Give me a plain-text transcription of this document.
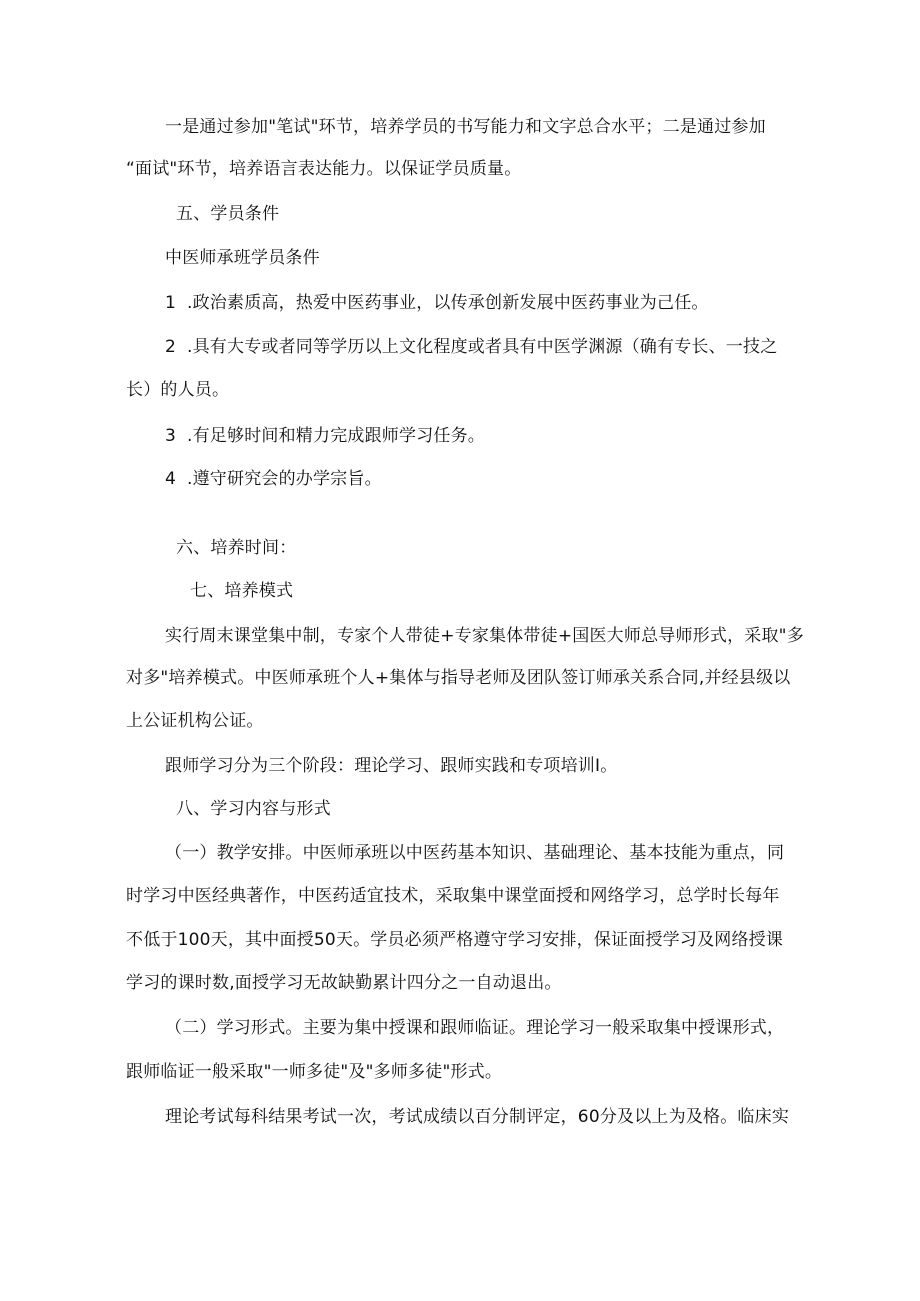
一是通过参加"笔试"环节，培养学员的书写能力和文字总合水平；二是通过参加

“面试"环节，培养语言表达能力。以保证学员质量。

五、学员条件

中医师承班学员条件

1 .政治素质高，热爱中医药事业，以传承创新发展中医药事业为己任。

2 .具有大专或者同等学历以上文化程度或者具有中医学渊源（确有专长、一技之

长）的人员。

3 .有足够时间和精力完成跟师学习任务。

4 .遵守研究会的办学宗旨。

六、培养时间：

七、培养模式

实行周末课堂集中制，专家个人带徒+专家集体带徒+国医大师总导师形式，采取"多

对多"培养模式。中医师承班个人+集体与指导老师及团队签订师承关系合同,并经县级以

上公证机构公证。

跟师学习分为三个阶段：理论学习、跟师实践和专项培训Ⅰ。

八、学习内容与形式

（一）教学安排。中医师承班以中医药基本知识、基础理论、基本技能为重点，同

时学习中医经典著作，中医药适宜技术，采取集中课堂面授和网络学习，总学时长每年

不低于100天，其中面授50天。学员必须严格遵守学习安排，保证面授学习及网络授课

学习的课时数,面授学习无故缺勤累计四分之一自动退出。

（二）学习形式。主要为集中授课和跟师临证。理论学习一般采取集中授课形式，

跟师临证一般采取"一师多徒"及"多师多徒"形式。

理论考试每科结果考试一次，考试成绩以百分制评定，60分及以上为及格。临床实
